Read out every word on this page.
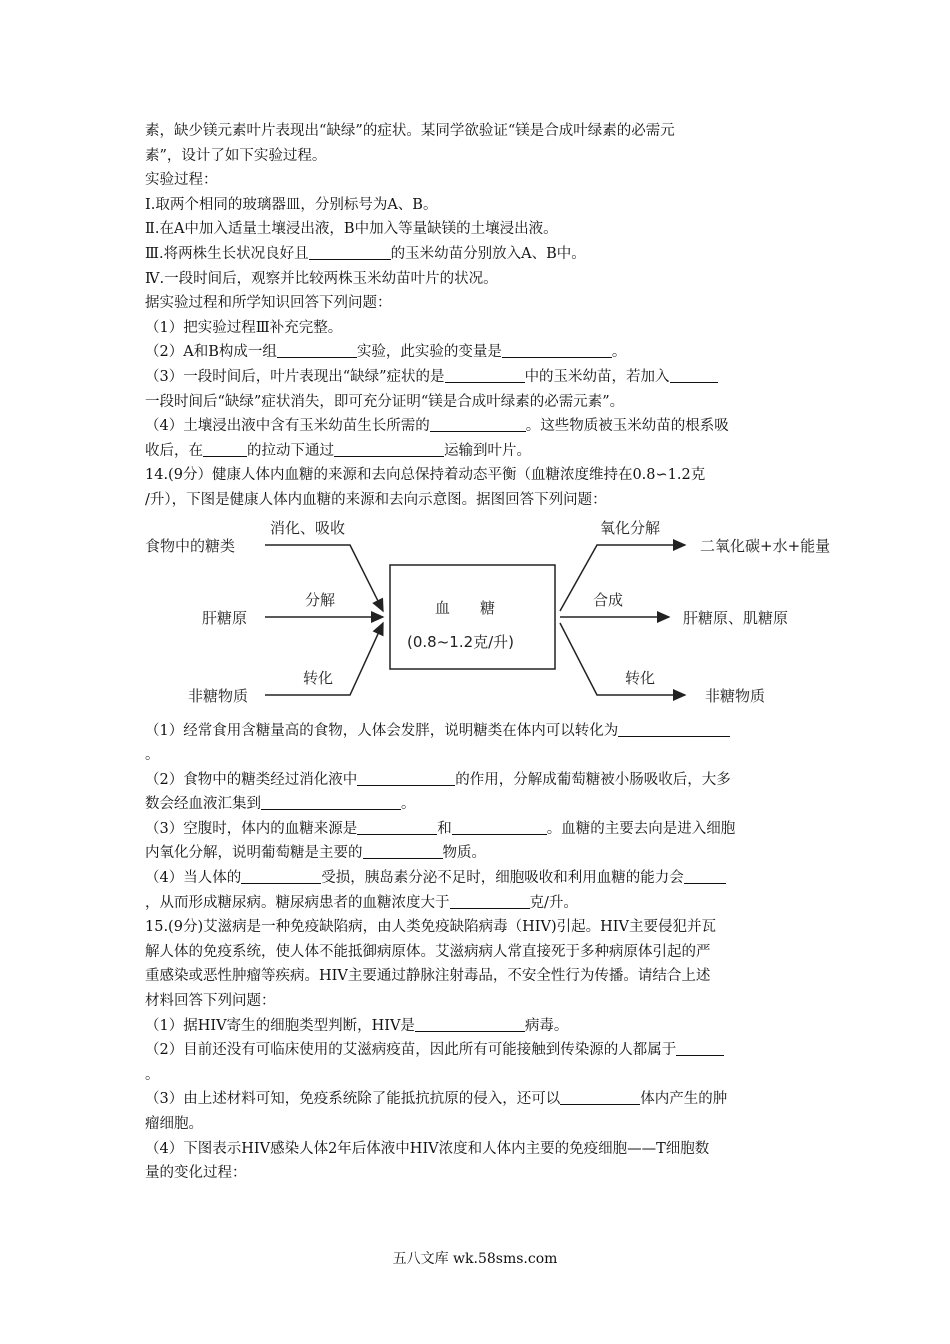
素，缺少镁元素叶片表现出“缺绿”的症状。某同学欲验证“镁是合成叶绿素的必需元
素”，设计了如下实验过程。
实验过程：
Ⅰ.取两个相同的玻璃器皿，分别标号为A、B。
Ⅱ.在A中加入适量土壤浸出液，B中加入等量缺镁的土壤浸出液。
Ⅲ.将两株生长状况良好且	的玉米幼苗分别放入A、B中。
Ⅳ.一段时间后，观察并比较两株玉米幼苗叶片的状况。
据实验过程和所学知识回答下列问题：
（1）把实验过程Ⅲ补充完整。
（2）A和B构成一组	实验，此实验的变量是	。
（3）一段时间后，叶片表现出“缺绿”症状的是	中的玉米幼苗，若加入
一段时间后“缺绿”症状消失，即可充分证明“镁是合成叶绿素的必需元素”。
（4）土壤浸出液中含有玉米幼苗生长所需的	。这些物质被玉米幼苗的根系吸
收后，在	的拉动下通过	运输到叶片。
14.(9分）健康人体内血糖的来源和去向总保持着动态平衡（血糖浓度维持在0.8∽1.2克
/升），下图是健康人体内血糖的来源和去向示意图。据图回答下列问题：
食物中的糖类
消化、吸收
肝糖原
分解
非糖物质
转化
血　　糖
(0.8~1.2克/升)
氧化分解
二氧化碳+水+能量
合成
肝糖原、肌糖原
转化
非糖物质
（1）经常食用含糖量高的食物，人体会发胖，说明糖类在体内可以转化为
。
（2）食物中的糖类经过消化液中	的作用，分解成葡萄糖被小肠吸收后，大多
数会经血液汇集到	。
（3）空腹时，体内的血糖来源是	和	。血糖的主要去向是进入细胞
内氧化分解，说明葡萄糖是主要的	物质。
（4）当人体的	受损，胰岛素分泌不足时，细胞吸收和利用血糖的能力会
，从而形成糖尿病。糖尿病患者的血糖浓度大于	克/升。
15.(9分)艾滋病是一种免疫缺陷病，由人类免疫缺陷病毒（HIV)引起。HIV主要侵犯并瓦
解人体的免疫系统，使人体不能抵御病原体。艾滋病病人常直接死于多种病原体引起的严
重感染或恶性肿瘤等疾病。HIV主要通过静脉注射毒品，不安全性行为传播。请结合上述
材料回答下列问题：
（1）据HIV寄生的细胞类型判断，HIV是	病毒。
（2）目前还没有可临床使用的艾滋病疫苗，因此所有可能接触到传染源的人都属于
。
（3）由上述材料可知，免疫系统除了能抵抗抗原的侵入，还可以	体内产生的肿
瘤细胞。
（4）下图表示HIV感染人体2年后体液中HIV浓度和人体内主要的免疫细胞——T细胞数
量的变化过程：
五八文库 wk.58sms.com
